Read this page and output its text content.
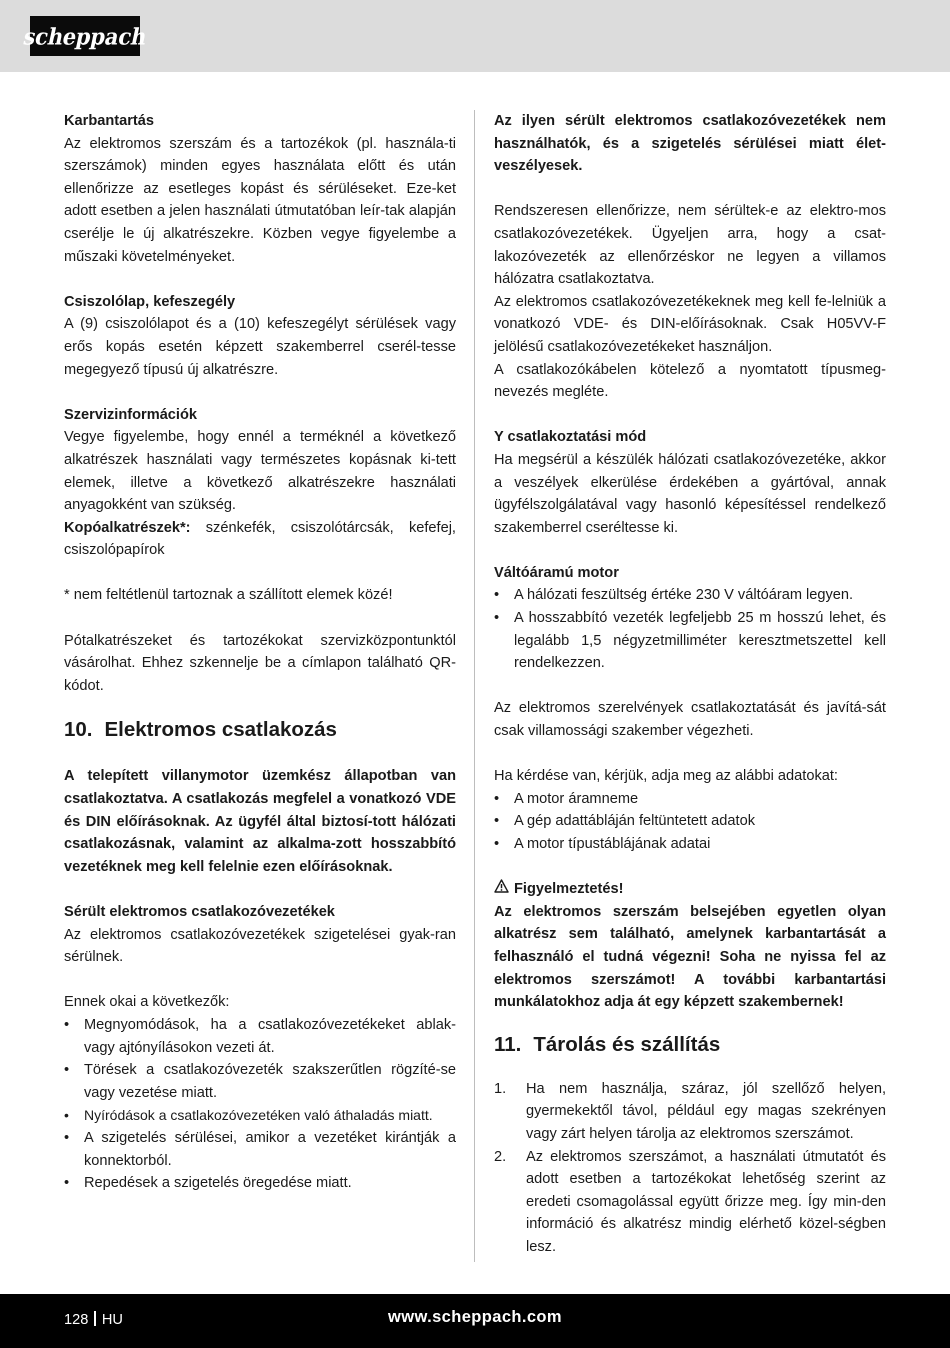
scheppach

Karbantartás

Az elektromos szerszám és a tartozékok (pl. használa-ti szerszámok) minden egyes használata előtt és után ellenőrizze az esetleges kopást és sérüléseket. Eze-ket adott esetben a jelen használati útmutatóban leír-tak alapján cserélje le új alkatrészekre. Közben vegye figyelembe a műszaki követelményeket.

Csiszolólap, kefeszegély

A (9) csiszolólapot és a (10) kefeszegélyt sérülések vagy erős kopás esetén képzett szakemberrel cserél-tesse megegyező típusú új alkatrészre.

Szervizinformációk

Vegye figyelembe, hogy ennél a terméknél a következő alkatrészek használati vagy természetes kopásnak ki-tett elemek, illetve a következő alkatrészekre használati anyagokként van szükség.

Kopóalkatrészek*: szénkefék, csiszolótárcsák, kefefej, csiszolópapírok

* nem feltétlenül tartoznak a szállított elemek közé!

Pótalkatrészeket és tartozékokat szervizközpontunktól vásárolhat. Ehhez szkennelje be a címlapon található QR-kódot.

10. Elektromos csatlakozás

A telepített villanymotor üzemkész állapotban van csatlakoztatva. A csatlakozás megfelel a vonatkozó VDE és DIN előírásoknak. Az ügyfél által biztosí-tott hálózati csatlakozásnak, valamint az alkalma-zott hosszabbító vezetéknek meg kell felelnie ezen előírásoknak.

Sérült elektromos csatlakozóvezetékek

Az elektromos csatlakozóvezetékek szigetelései gyak-ran sérülnek.

Ennek okai a következők:

• Megnyomódások, ha a csatlakozóvezetékeket ablak-vagy ajtónyílásokon vezeti át.
• Törések a csatlakozóvezeték szakszerűtlen rögzíté-se vagy vezetése miatt.
• Nyíródások a csatlakozóvezetéken való áthaladás miatt.
• A szigetelés sérülései, amikor a vezetéket kirántják a konnektorból.
• Repedések a szigetelés öregedése miatt.

Az ilyen sérült elektromos csatlakozóvezetékek nem használhatók, és a szigetelés sérülései miatt élet-veszélyesek.

Rendszeresen ellenőrizze, nem sérültek-e az elektro-mos csatlakozóvezetékek. Ügyeljen arra, hogy a csat-lakozóvezeték az ellenőrzéskor ne legyen a villamos hálózatra csatlakoztatva.

Az elektromos csatlakozóvezetékeknek meg kell fe-lelniük a vonatkozó VDE- és DIN-előírásoknak. Csak H05VV-F jelölésű csatlakozóvezetékeket használjon.

A csatlakozókábelen kötelező a nyomtatott típusmeg-nevezés megléte.

Y csatlakoztatási mód

Ha megsérül a készülék hálózati csatlakozóvezetéke, akkor a veszélyek elkerülése érdekében a gyártóval, annak ügyfélszolgálatával vagy hasonló képesítéssel rendelkező szakemberrel cseréltesse ki.

Váltóáramú motor

• A hálózati feszültség értéke 230 V váltóáram legyen.
• A hosszabbító vezeték legfeljebb 25 m hosszú lehet, és legalább 1,5 négyzetmilliméter keresztmetszettel kell rendelkezzen.

Az elektromos szerelvények csatlakoztatását és javítá-sát csak villamossági szakember végezheti.

Ha kérdése van, kérjük, adja meg az alábbi adatokat:

• A motor áramneme
• A gép adattábláján feltüntetett adatok
• A motor típustáblájának adatai

Figyelmeztetés!

Az elektromos szerszám belsejében egyetlen olyan alkatrész sem található, amelynek karbantartását a felhasználó el tudná végezni! Soha ne nyissa fel az elektromos szerszámot! A további karbantartási munkálatokhoz adja át egy képzett szakembernek!

11. Tárolás és szállítás
1. Ha nem használja, száraz, jól szellőző helyen, gyermekektől távol, például egy magas szekrényen vagy zárt helyen tárolja az elektromos szerszámot.
2. Az elektromos szerszámot, a használati útmutatót és adott esetben a tartozékokat lehetőség szerint az eredeti csomagolással együtt őrizze meg. Így min-den információ és alkatrész mindig elérhető közel-ségben lesz.
128 HU	www.scheppach.com
